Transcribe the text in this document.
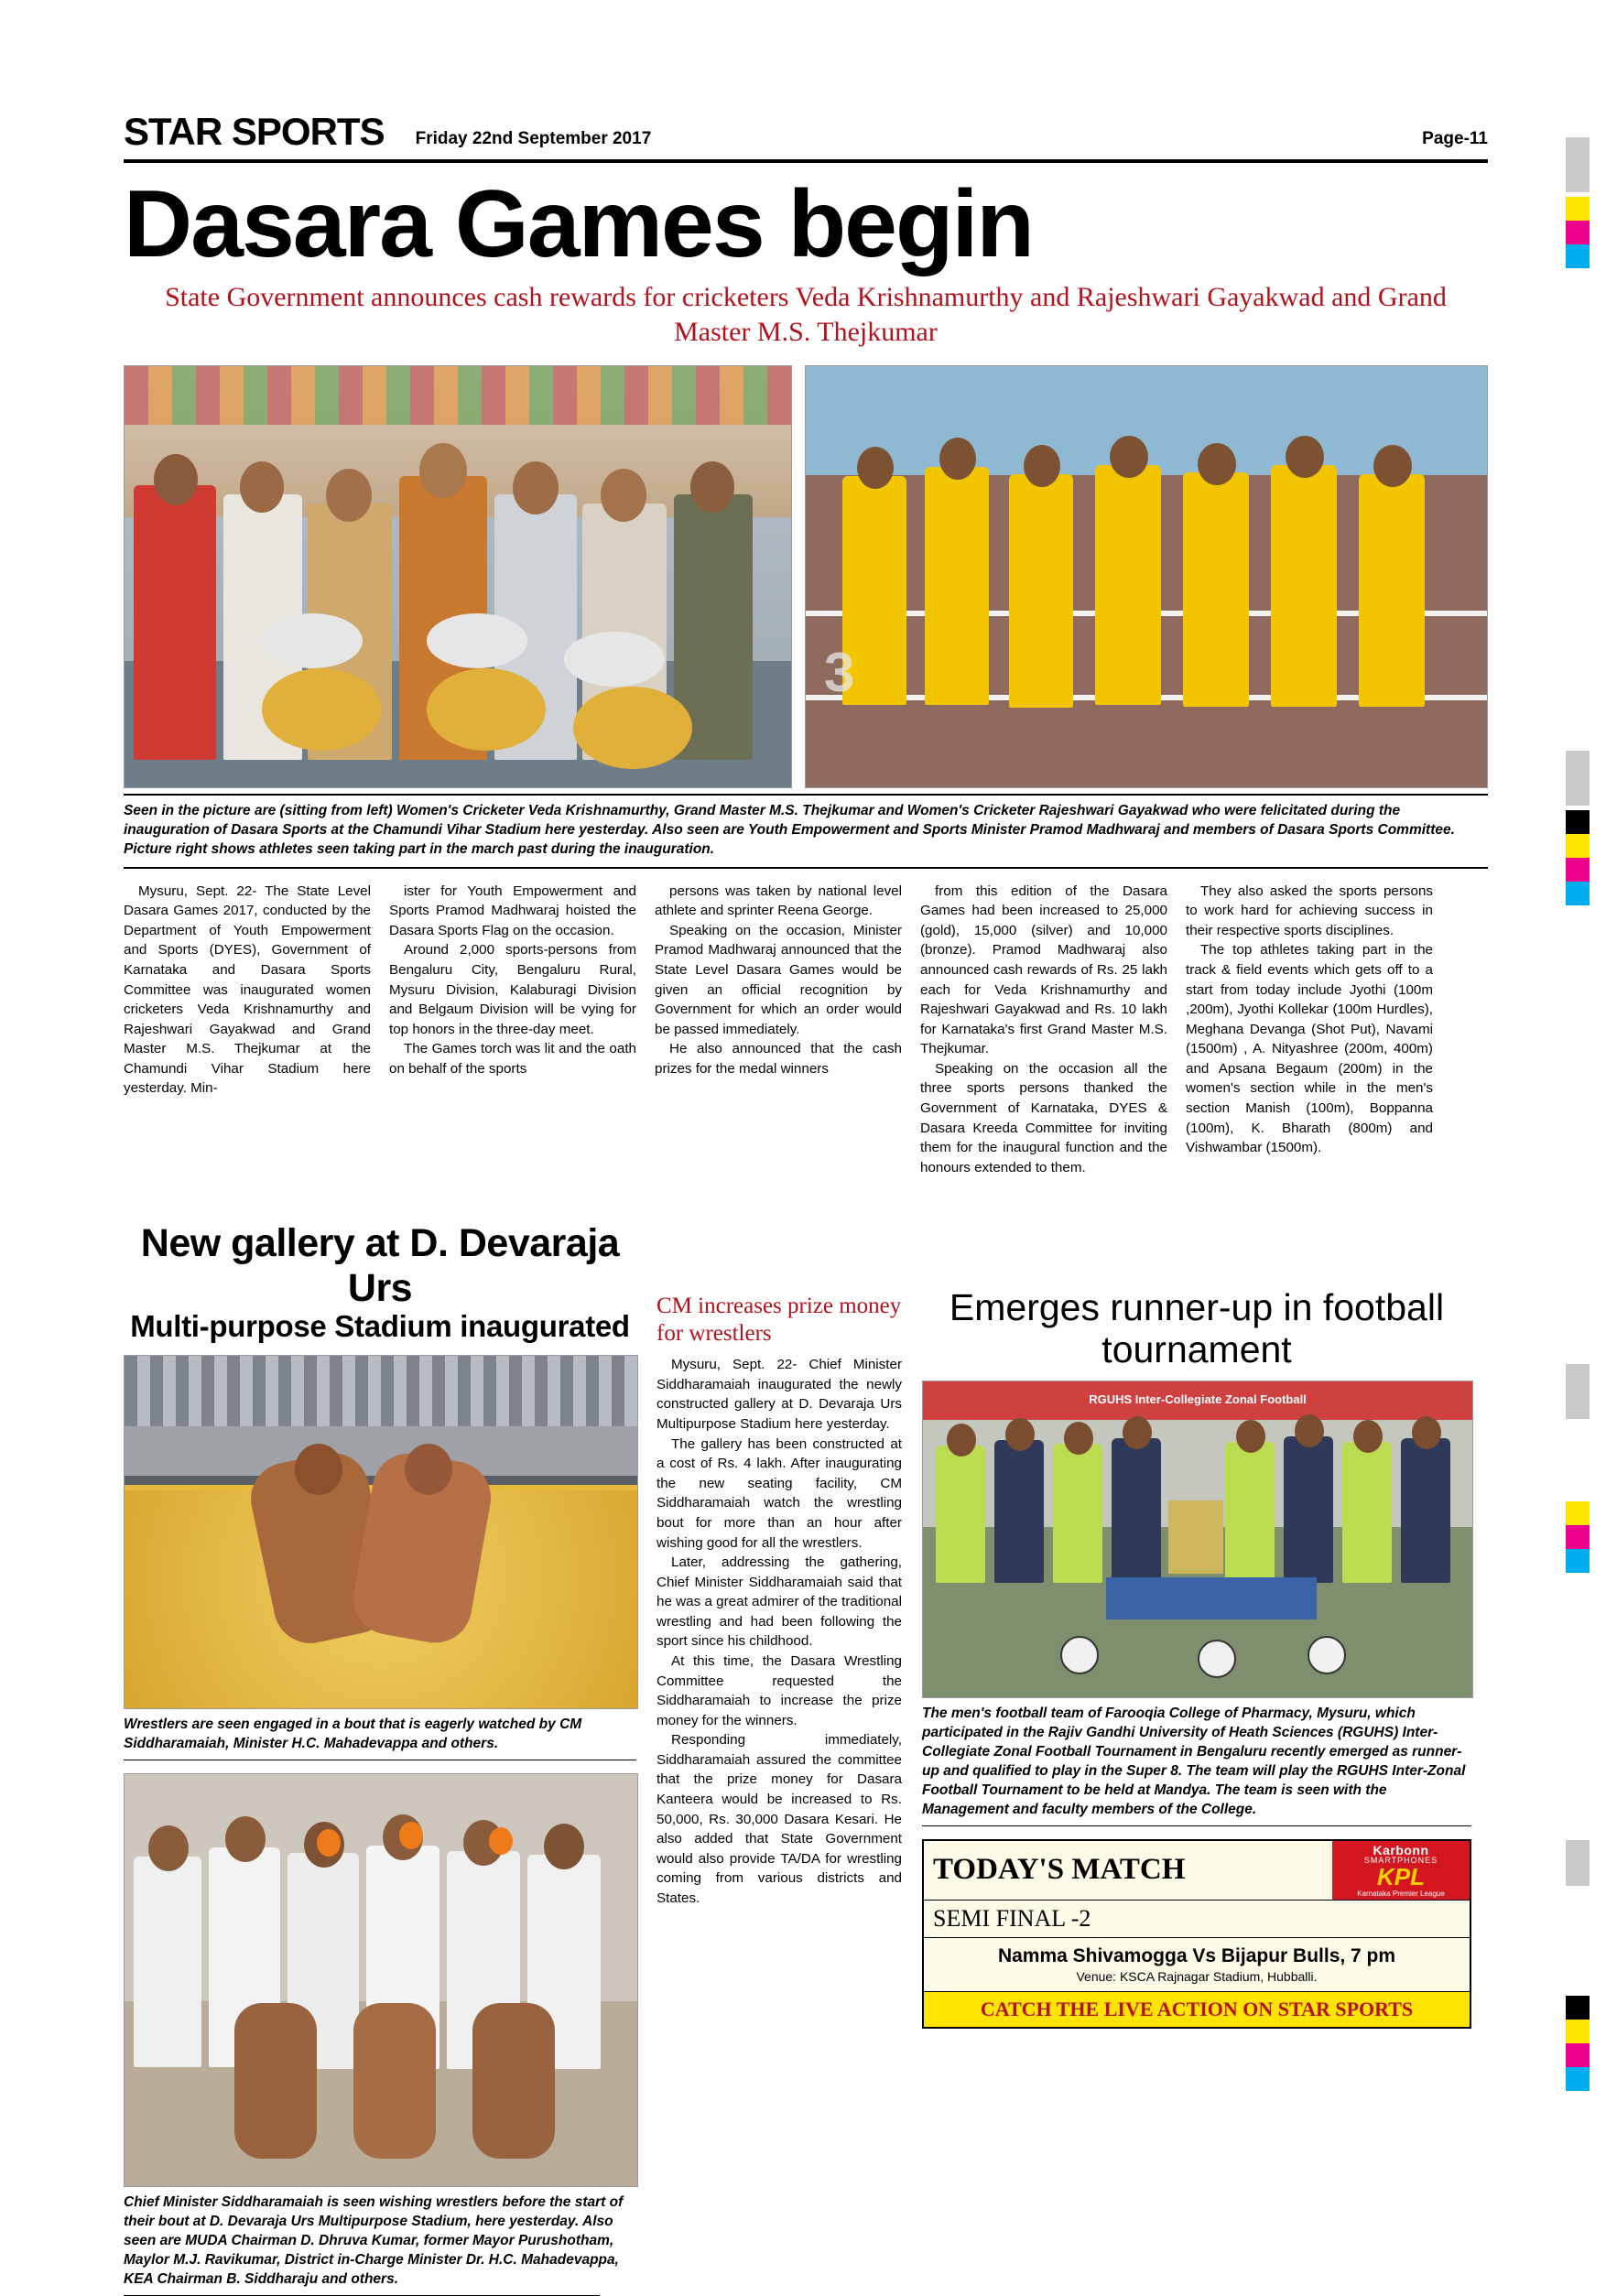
STAR SPORTS Friday 22nd September 2017	Page-11
Dasara Games begin
State Government announces cash rewards for cricketers Veda Krishnamurthy and Rajeshwari Gayakwad and Grand Master M.S. Thejkumar
3
Seen in the picture are (sitting from left) Women's Cricketer Veda Krishnamurthy, Grand Master M.S. Thejkumar and Women's Cricketer Rajeshwari Gayakwad who were felicitated during the inauguration of Dasara Sports at the Chamundi Vihar Stadium here yesterday. Also seen are Youth Empowerment and Sports Minister Pramod Madhwaraj and members of Dasara Sports Committee. Picture right shows athletes seen taking part in the march past during the inauguration.

Mysuru, Sept. 22- The State Level Dasara Games 2017, conducted by the Department of Youth Empowerment and Sports (DYES), Government of Karnataka and Dasara Sports Committee was inaugurated women cricketers Veda Krishnamurthy and Rajeshwari Gayakwad and Grand Master M.S. Thejkumar at the Chamundi Vihar Stadium here yesterday. Min-

ister for Youth Empowerment and Sports Pramod Madhwaraj hoisted the Dasara Sports Flag on the occasion.

Around 2,000 sports-persons from Bengaluru City, Bengaluru Rural, Mysuru Division, Kalaburagi Division and Belgaum Division will be vying for top honors in the three-day meet.

The Games torch was lit and the oath on behalf of the sports

persons was taken by national level athlete and sprinter Reena George.

Speaking on the occasion, Minister Pramod Madhwaraj announced that the State Level Dasara Games would be given an official recognition by Government for which an order would be passed immediately.

He also announced that the cash prizes for the medal winners

from this edition of the Dasara Games had been increased to 25,000 (gold), 15,000 (silver) and 10,000 (bronze). Pramod Madhwaraj also announced cash rewards of Rs. 25 lakh each for Veda Krishnamurthy and Rajeshwari Gayakwad and Rs. 10 lakh for Karnataka's first Grand Master M.S. Thejkumar.

Speaking on the occasion all the three sports persons thanked the Government of Karnataka, DYES & Dasara Kreeda Committee for inviting them for the inaugural function and the honours extended to them.

They also asked the sports persons to work hard for achieving success in their respective sports disciplines.

The top athletes taking part in the track & field events which gets off to a start from today include Jyothi (100m ,200m), Jyothi Kollekar (100m Hurdles), Meghana Devanga (Shot Put), Navami (1500m) , A. Nityashree (200m, 400m) and Apsana Begaum (200m) in the women's section while in the men's section Manish (100m), Boppanna (100m), K. Bharath (800m) and Vishwambar (1500m).

New gallery at D. Devaraja Urs
Multi-purpose Stadium inaugurated
Wrestlers are seen engaged in a bout that is eagerly watched by CM Siddharamaiah, Minister H.C. Mahadevappa and others.
Chief Minister Siddharamaiah is seen wishing wrestlers before the start of their bout at D. Devaraja Urs Multipurpose Stadium, here yesterday. Also seen are MUDA Chairman D. Dhruva Kumar, former Mayor Purushotham, Maylor M.J. Ravikumar, District in-Charge Minister Dr. H.C. Mahadevappa, KEA Chairman B. Siddharaju and others.
CM increases prize money for wrestlers

Mysuru, Sept. 22- Chief Minister Siddharamaiah inaugurated the newly constructed gallery at D. Devaraja Urs Multipurpose Stadium here yesterday.

The gallery has been constructed at a cost of Rs. 4 lakh. After inaugurating the new seating facility, CM Siddharamaiah watch the wrestling bout for more than an hour after wishing good for all the wrestlers.

Later, addressing the gathering, Chief Minister Siddharamaiah said that he was a great admirer of the traditional wrestling and had been following the sport since his childhood.

At this time, the Dasara Wrestling Committee requested the Siddharamaiah to increase the prize money for the winners.

Responding immediately, Siddharamaiah assured the committee that the prize money for Dasara Kanteera would be increased to Rs. 50,000, Rs. 30,000 Dasara Kesari. He also added that State Government would also provide TA/DA for wrestling coming from various districts and States.

Emerges runner-up in football tournament
RGUHS Inter-Collegiate Zonal Football
The men's football team of Farooqia College of Pharmacy, Mysuru, which participated in the Rajiv Gandhi University of Heath Sciences (RGUHS) Inter-Collegiate Zonal Football Tournament in Bengaluru recently emerged as runner-up and qualified to play in the Super 8. The team will play the RGUHS Inter-Zonal Football Tournament to be held at Mandya. The team is seen with the Management and faculty members of the College.
TODAY'S MATCH
Karbonn
SMARTPHONES
KPL
Karnataka Premier League
SEMI FINAL -2
Namma Shivamogga Vs Bijapur Bulls, 7 pm
Venue: KSCA Rajnagar Stadium, Hubballi.
CATCH THE LIVE ACTION ON STAR SPORTS
